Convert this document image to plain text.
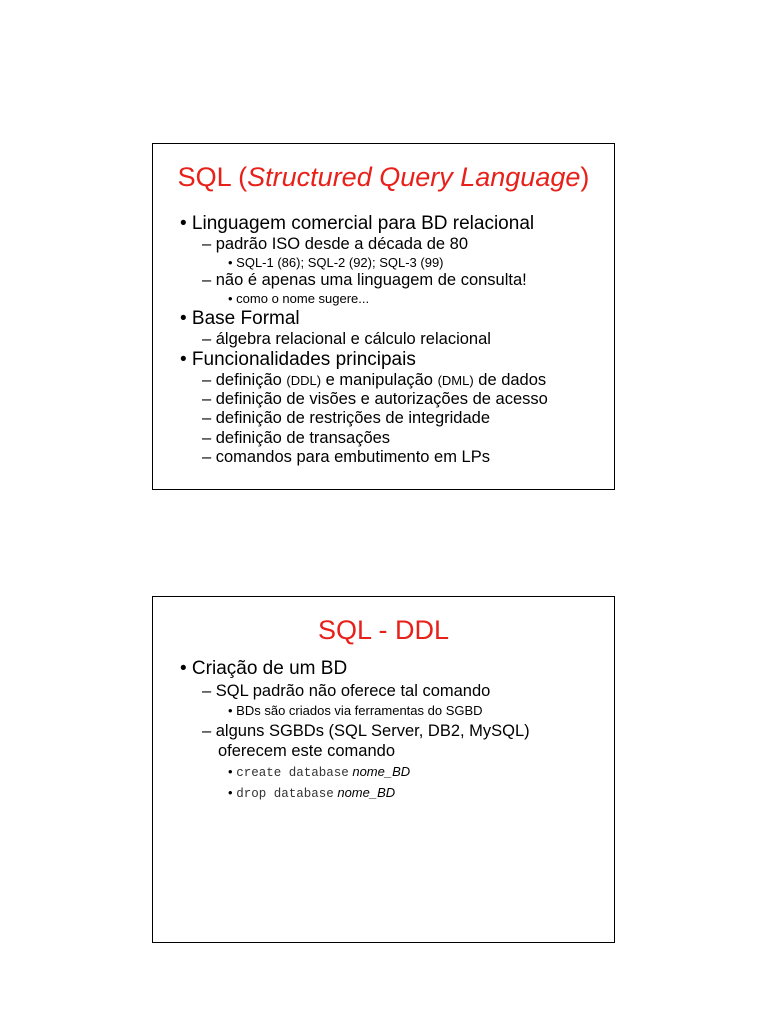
SQL (Structured Query Language)
• Linguagem comercial para BD relacional
– padrão ISO desde a década de 80
• SQL-1 (86); SQL-2 (92); SQL-3 (99)
– não é apenas uma linguagem de consulta!
• como o nome sugere...
• Base Formal
– álgebra relacional e cálculo relacional
• Funcionalidades principais
– definição (DDL) e manipulação (DML) de dados
– definição de visões e autorizações de acesso
– definição de restrições de integridade
– definição de transações
– comandos para embutimento em LPs
SQL - DDL
• Criação de um BD
– SQL padrão não oferece tal comando
• BDs são criados via ferramentas do SGBD
– alguns SGBDs (SQL Server, DB2, MySQL)
oferecem este comando
• create database nome_BD
• drop database nome_BD
